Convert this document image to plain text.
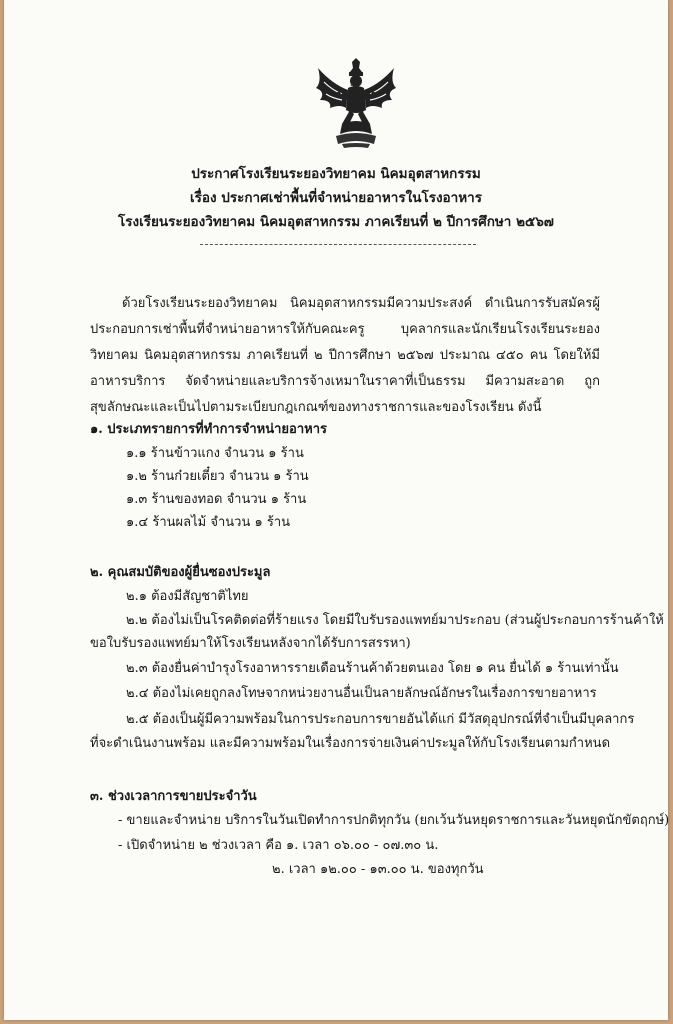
ประกาศโรงเรียนระยองวิทยาคม นิคมอุตสาหกรรม
เรื่อง ประกาศเช่าพื้นที่จำหน่ายอาหารในโรงอาหาร
โรงเรียนระยองวิทยาคม นิคมอุตสาหกรรม ภาคเรียนที่ ๒ ปีการศึกษา ๒๕๖๗
ด้วยโรงเรียนระยองวิทยาคม นิคมอุตสาหกรรมมีความประสงค์ ดำเนินการรับสมัครผู้ประกอบการเช่าพื้นที่จำหน่ายอาหารให้กับคณะครู บุคลากรและนักเรียนโรงเรียนระยองวิทยาคม นิคมอุตสาหกรรม ภาคเรียนที่ ๒ ปีการศึกษา ๒๕๖๗ ประมาณ ๔๕๐ คน โดยให้มีอาหารบริการ จัดจำหน่ายและบริการจ้างเหมาในราคาที่เป็นธรรม มีความสะอาด ถูกสุขลักษณะและเป็นไปตามระเบียบกฎเกณฑ์ของทางราชการและของโรงเรียน ดังนี้
๑. ประเภทรายการที่ทำการจำหน่ายอาหาร
๑.๑ ร้านข้าวแกง จำนวน ๑ ร้าน
๑.๒ ร้านก๋วยเตี๋ยว จำนวน ๑ ร้าน
๑.๓ ร้านของทอด จำนวน ๑ ร้าน
๑.๔ ร้านผลไม้ จำนวน ๑ ร้าน
๒. คุณสมบัติของผู้ยื่นซองประมูล
๒.๑ ต้องมีสัญชาติไทย
๒.๒ ต้องไม่เป็นโรคติดต่อที่ร้ายแรง โดยมีใบรับรองแพทย์มาประกอบ (ส่วนผู้ประกอบการร้านค้าให้
ขอใบรับรองแพทย์มาให้โรงเรียนหลังจากได้รับการสรรหา)
๒.๓ ต้องยื่นค่าบำรุงโรงอาหารรายเดือนร้านค้าด้วยตนเอง โดย ๑ คน ยื่นได้ ๑ ร้านเท่านั้น
๒.๔ ต้องไม่เคยถูกลงโทษจากหน่วยงานอื่นเป็นลายลักษณ์อักษรในเรื่องการขายอาหาร
๒.๕ ต้องเป็นผู้มีความพร้อมในการประกอบการขายอันได้แก่ มีวัสดุอุปกรณ์ที่จำเป็นมีบุคลากร
ที่จะดำเนินงานพร้อม และมีความพร้อมในเรื่องการจ่ายเงินค่าประมูลให้กับโรงเรียนตามกำหนด
๓. ช่วงเวลาการขายประจำวัน
- ขายและจำหน่าย บริการในวันเปิดทำการปกติทุกวัน (ยกเว้นวันหยุดราชการและวันหยุดนักขัตฤกษ์)
- เปิดจำหน่าย ๒ ช่วงเวลา คือ ๑. เวลา ๐๖.๐๐ - ๐๗.๓๐ น.
๒. เวลา ๑๒.๐๐ - ๑๓.๐๐ น. ของทุกวัน
